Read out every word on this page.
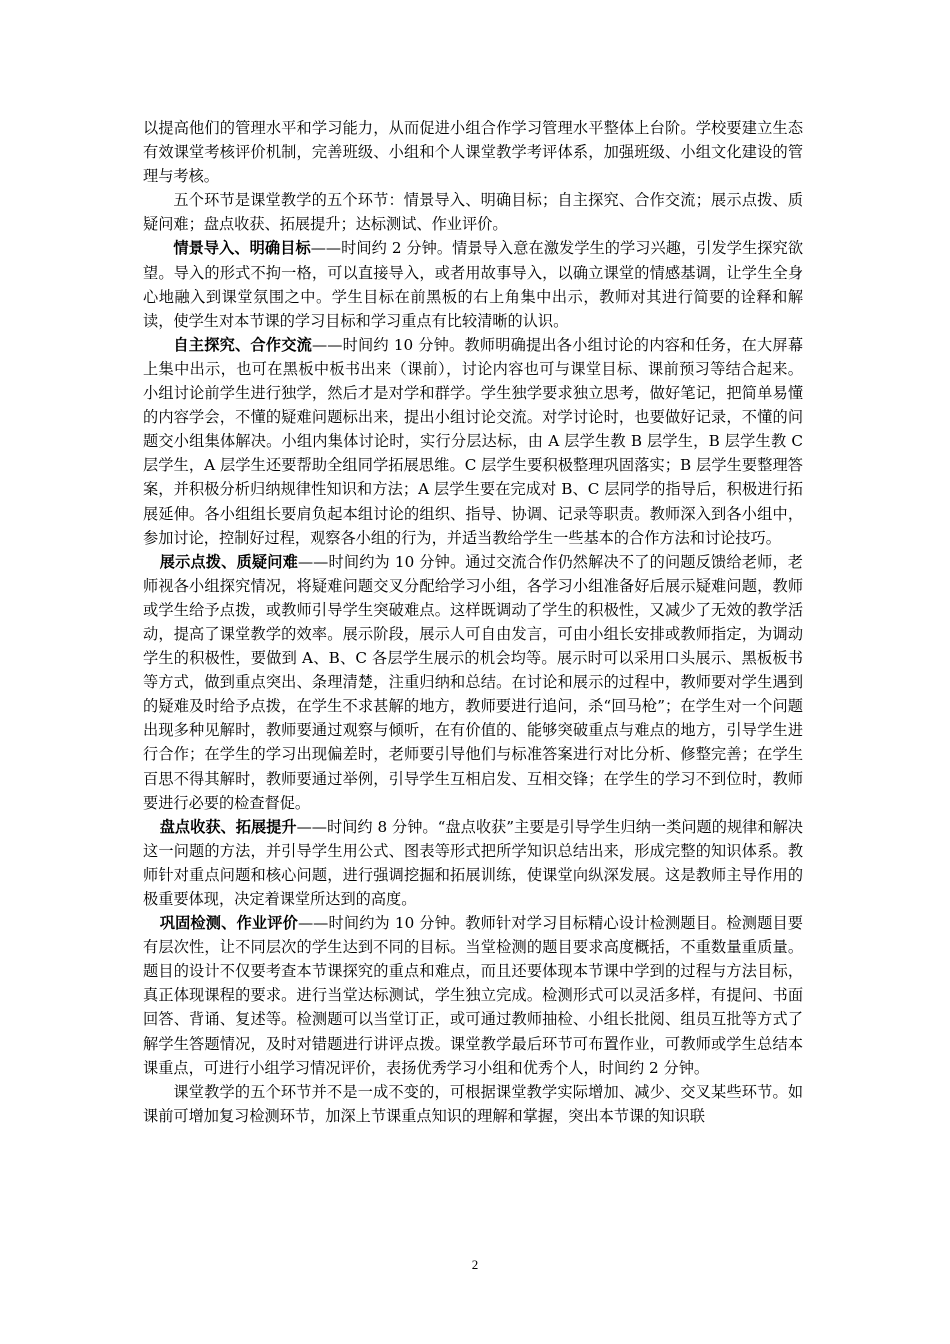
以提高他们的管理水平和学习能力，从而促进小组合作学习管理水平整体上台阶。学校要建立生态有效课堂考核评价机制，完善班级、小组和个人课堂教学考评体系，加强班级、小组文化建设的管理与考核。

五个环节是课堂教学的五个环节：情景导入、明确目标；自主探究、合作交流；展示点拨、质疑问难；盘点收获、拓展提升；达标测试、作业评价。

情景导入、明确目标——时间约 2 分钟。情景导入意在激发学生的学习兴趣，引发学生探究欲望。导入的形式不拘一格，可以直接导入，或者用故事导入，以确立课堂的情感基调，让学生全身心地融入到课堂氛围之中。学生目标在前黑板的右上角集中出示，教师对其进行简要的诠释和解读，使学生对本节课的学习目标和学习重点有比较清晰的认识。

自主探究、合作交流——时间约 10 分钟。教师明确提出各小组讨论的内容和任务，在大屏幕上集中出示，也可在黑板中板书出来（课前），讨论内容也可与课堂目标、课前预习等结合起来。小组讨论前学生进行独学，然后才是对学和群学。学生独学要求独立思考，做好笔记，把简单易懂的内容学会，不懂的疑难问题标出来，提出小组讨论交流。对学讨论时，也要做好记录，不懂的问题交小组集体解决。小组内集体讨论时，实行分层达标，由 A 层学生教 B 层学生，B 层学生教 C 层学生，A 层学生还要帮助全组同学拓展思维。C 层学生要积极整理巩固落实；B 层学生要整理答案，并积极分析归纳规律性知识和方法；A 层学生要在完成对 B、C 层同学的指导后，积极进行拓展延伸。各小组组长要肩负起本组讨论的组织、指导、协调、记录等职责。教师深入到各小组中，参加讨论，控制好过程，观察各小组的行为，并适当教给学生一些基本的合作方法和讨论技巧。

展示点拨、质疑问难——时间约为 10 分钟。通过交流合作仍然解决不了的问题反馈给老师，老师视各小组探究情况，将疑难问题交叉分配给学习小组，各学习小组准备好后展示疑难问题，教师或学生给予点拨，或教师引导学生突破难点。这样既调动了学生的积极性，又减少了无效的教学活动，提高了课堂教学的效率。展示阶段，展示人可自由发言，可由小组长安排或教师指定，为调动学生的积极性，要做到 A、B、C 各层学生展示的机会均等。展示时可以采用口头展示、黑板板书等方式，做到重点突出、条理清楚，注重归纳和总结。在讨论和展示的过程中，教师要对学生遇到的疑难及时给予点拨，在学生不求甚解的地方，教师要进行追问，杀“回马枪”；在学生对一个问题出现多种见解时，教师要通过观察与倾听，在有价值的、能够突破重点与难点的地方，引导学生进行合作；在学生的学习出现偏差时，老师要引导他们与标准答案进行对比分析、修整完善；在学生百思不得其解时，教师要通过举例，引导学生互相启发、互相交锋；在学生的学习不到位时，教师要进行必要的检查督促。

盘点收获、拓展提升——时间约 8 分钟。“盘点收获”主要是引导学生归纳一类问题的规律和解决这一问题的方法，并引导学生用公式、图表等形式把所学知识总结出来，形成完整的知识体系。教师针对重点问题和核心问题，进行强调挖掘和拓展训练，使课堂向纵深发展。这是教师主导作用的极重要体现，决定着课堂所达到的高度。

巩固检测、作业评价——时间约为 10 分钟。教师针对学习目标精心设计检测题目。检测题目要有层次性，让不同层次的学生达到不同的目标。当堂检测的题目要求高度概括，不重数量重质量。题目的设计不仅要考查本节课探究的重点和难点，而且还要体现本节课中学到的过程与方法目标，真正体现课程的要求。进行当堂达标测试，学生独立完成。检测形式可以灵活多样，有提问、书面回答、背诵、复述等。检测题可以当堂订正，或可通过教师抽检、小组长批阅、组员互批等方式了解学生答题情况，及时对错题进行讲评点拨。课堂教学最后环节可布置作业，可教师或学生总结本课重点，可进行小组学习情况评价，表扬优秀学习小组和优秀个人，时间约 2 分钟。

课堂教学的五个环节并不是一成不变的，可根据课堂教学实际增加、减少、交叉某些环节。如课前可增加复习检测环节，加深上节课重点知识的理解和掌握，突出本节课的知识联

2
